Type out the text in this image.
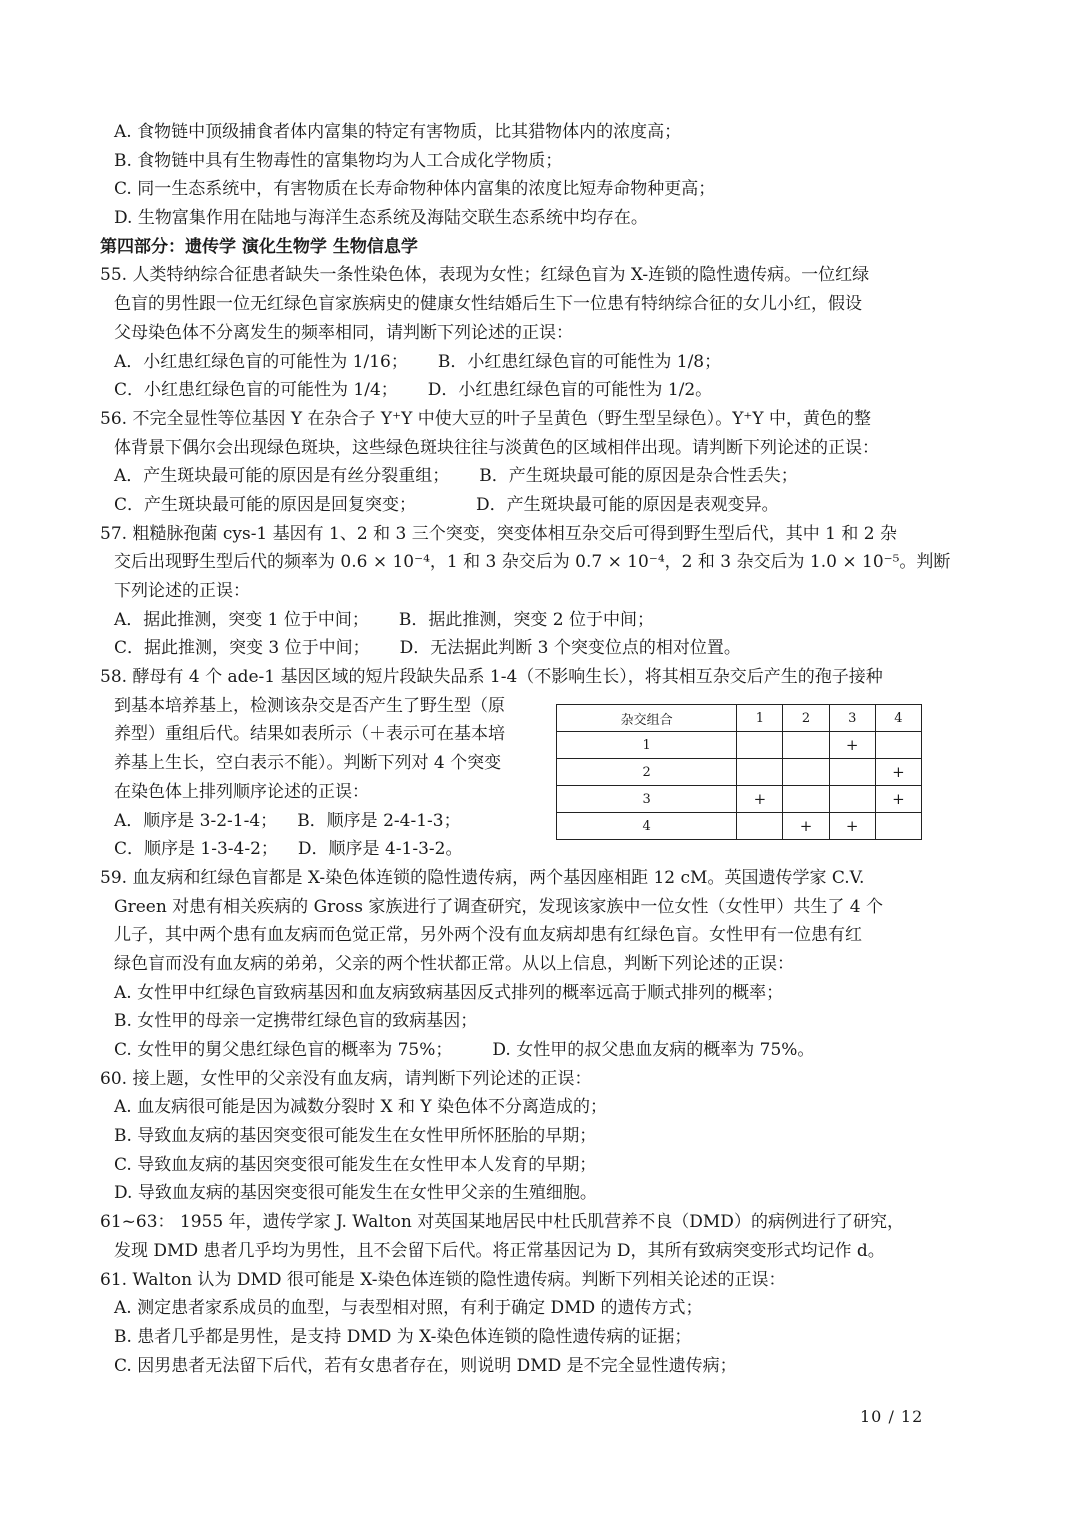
A. 食物链中顶级捕食者体内富集的特定有害物质，比其猎物体内的浓度高；
B. 食物链中具有生物毒性的富集物均为人工合成化学物质；
C. 同一生态系统中，有害物质在长寿命物种体内富集的浓度比短寿命物种更高；
D. 生物富集作用在陆地与海洋生态系统及海陆交联生态系统中均存在。
第四部分：遗传学 演化生物学 生物信息学
55. 人类特纳综合征患者缺失一条性染色体，表现为女性；红绿色盲为 X-连锁的隐性遗传病。一位红绿
色盲的男性跟一位无红绿色盲家族病史的健康女性结婚后生下一位患有特纳综合征的女儿小红，假设
父母染色体不分离发生的频率相同，请判断下列论述的正误：
A．小红患红绿色盲的可能性为 1/16； B．小红患红绿色盲的可能性为 1/8；
C．小红患红绿色盲的可能性为 1/4； D．小红患红绿色盲的可能性为 1/2。
56. 不完全显性等位基因 Y 在杂合子 Y⁺Y 中使大豆的叶子呈黄色（野生型呈绿色）。Y⁺Y 中，黄色的整
体背景下偶尔会出现绿色斑块，这些绿色斑块往往与淡黄色的区域相伴出现。请判断下列论述的正误：
A．产生斑块最可能的原因是有丝分裂重组； B．产生斑块最可能的原因是杂合性丢失；
C．产生斑块最可能的原因是回复突变；	D．产生斑块最可能的原因是表观变异。
57. 粗糙脉孢菌 cys-1 基因有 1、2 和 3 三个突变，突变体相互杂交后可得到野生型后代，其中 1 和 2 杂
交后出现野生型后代的频率为 0.6 × 10⁻⁴，1 和 3 杂交后为 0.7 × 10⁻⁴，2 和 3 杂交后为 1.0 × 10⁻⁵。判断
下列论述的正误：
A．据此推测，突变 1 位于中间； B．据此推测，突变 2 位于中间；
C．据此推测，突变 3 位于中间； D．无法据此判断 3 个突变位点的相对位置。
58. 酵母有 4 个 ade-1 基因区域的短片段缺失品系 1-4（不影响生长），将其相互杂交后产生的孢子接种
到基本培养基上，检测该杂交是否产生了野生型（原
养型）重组后代。结果如表所示（＋表示可在基本培
养基上生长，空白表示不能）。判断下列对 4 个突变
在染色体上排列顺序论述的正误：
A．顺序是 3-2-1-4； B．顺序是 2-4-1-3；
C．顺序是 1-3-4-2； D．顺序是 4-1-3-2。
59. 血友病和红绿色盲都是 X-染色体连锁的隐性遗传病，两个基因座相距 12 cM。英国遗传学家 C.V.
Green 对患有相关疾病的 Gross 家族进行了调查研究，发现该家族中一位女性（女性甲）共生了 4 个
儿子，其中两个患有血友病而色觉正常，另外两个没有血友病却患有红绿色盲。女性甲有一位患有红
绿色盲而没有血友病的弟弟，父亲的两个性状都正常。从以上信息，判断下列论述的正误：
A. 女性甲中红绿色盲致病基因和血友病致病基因反式排列的概率远高于顺式排列的概率；
B. 女性甲的母亲一定携带红绿色盲的致病基因；
C. 女性甲的舅父患红绿色盲的概率为 75%； D. 女性甲的叔父患血友病的概率为 75%。
60. 接上题，女性甲的父亲没有血友病，请判断下列论述的正误：
A. 血友病很可能是因为减数分裂时 X 和 Y 染色体不分离造成的；
B. 导致血友病的基因突变很可能发生在女性甲所怀胚胎的早期；
C. 导致血友病的基因突变很可能发生在女性甲本人发育的早期；
D. 导致血友病的基因突变很可能发生在女性甲父亲的生殖细胞。
61~63： 1955 年，遗传学家 J. Walton 对英国某地居民中杜氏肌营养不良（DMD）的病例进行了研究，
发现 DMD 患者几乎均为男性，且不会留下后代。将正常基因记为 D，其所有致病突变形式均记作 d。
61. Walton 认为 DMD 很可能是 X-染色体连锁的隐性遗传病。判断下列相关论述的正误：
A. 测定患者家系成员的血型，与表型相对照，有利于确定 DMD 的遗传方式；
B. 患者几乎都是男性，是支持 DMD 为 X-染色体连锁的隐性遗传病的证据；
C. 因男患者无法留下后代，若有女患者存在，则说明 DMD 是不完全显性遗传病；
杂交组合	1	2	3	4
1			+	
2				+
3	+			+
4		+	+	
10 / 12
